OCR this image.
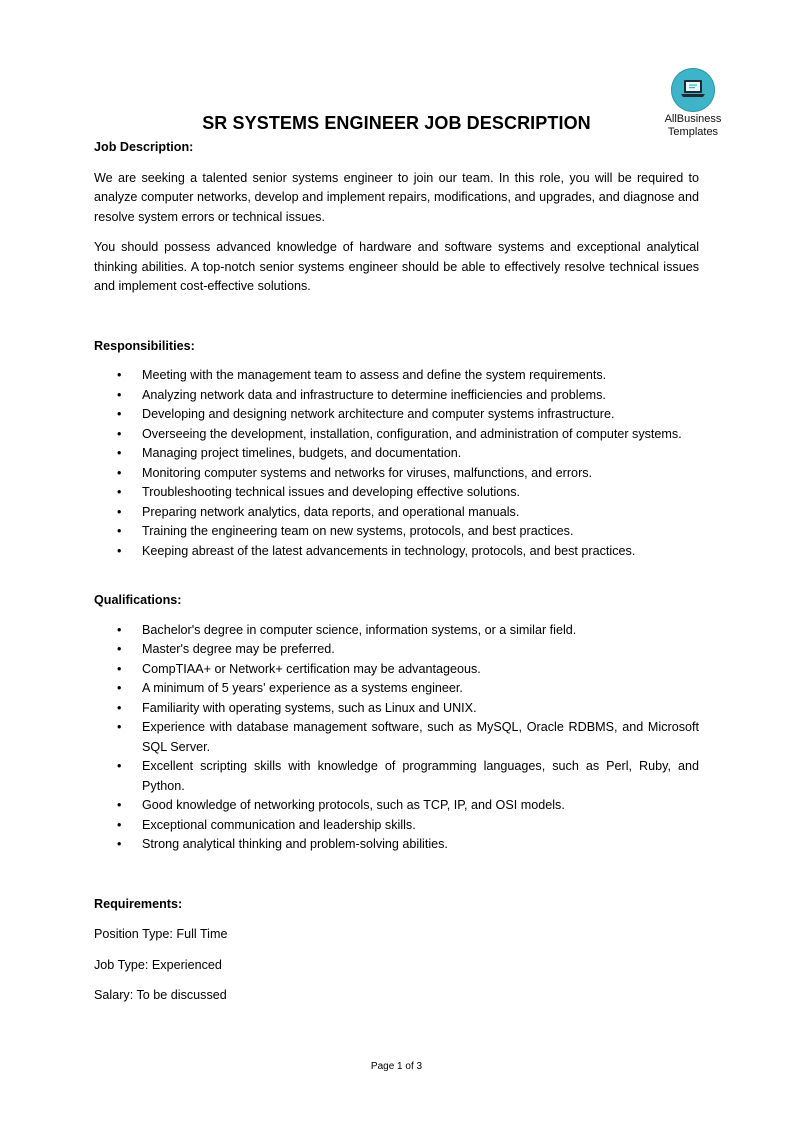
AllBusiness
Templates
SR SYSTEMS ENGINEER JOB DESCRIPTION

Job Description:

We are seeking a talented senior systems engineer to join our team. In this role, you will be required to analyze computer networks, develop and implement repairs, modifications, and upgrades, and diagnose and resolve system errors or technical issues.

You should possess advanced knowledge of hardware and software systems and exceptional analytical thinking abilities. A top-notch senior systems engineer should be able to effectively resolve technical issues and implement cost-effective solutions.

Responsibilities:

• Meeting with the management team to assess and define the system requirements.
• Analyzing network data and infrastructure to determine inefficiencies and problems.
• Developing and designing network architecture and computer systems infrastructure.
• Overseeing the development, installation, configuration, and administration of computer systems.
• Managing project timelines, budgets, and documentation.
• Monitoring computer systems and networks for viruses, malfunctions, and errors.
• Troubleshooting technical issues and developing effective solutions.
• Preparing network analytics, data reports, and operational manuals.
• Training the engineering team on new systems, protocols, and best practices.
• Keeping abreast of the latest advancements in technology, protocols, and best practices.

Qualifications:

• Bachelor's degree in computer science, information systems, or a similar field.
• Master's degree may be preferred.
• CompTIAA+ or Network+ certification may be advantageous.
• A minimum of 5 years' experience as a systems engineer.
• Familiarity with operating systems, such as Linux and UNIX.
• Experience with database management software, such as MySQL, Oracle RDBMS, and Microsoft SQL Server.
• Excellent scripting skills with knowledge of programming languages, such as Perl, Ruby, and Python.
• Good knowledge of networking protocols, such as TCP, IP, and OSI models.
• Exceptional communication and leadership skills.
• Strong analytical thinking and problem-solving abilities.

Requirements:

Position Type: Full Time

Job Type: Experienced

Salary: To be discussed

Page 1 of 3
